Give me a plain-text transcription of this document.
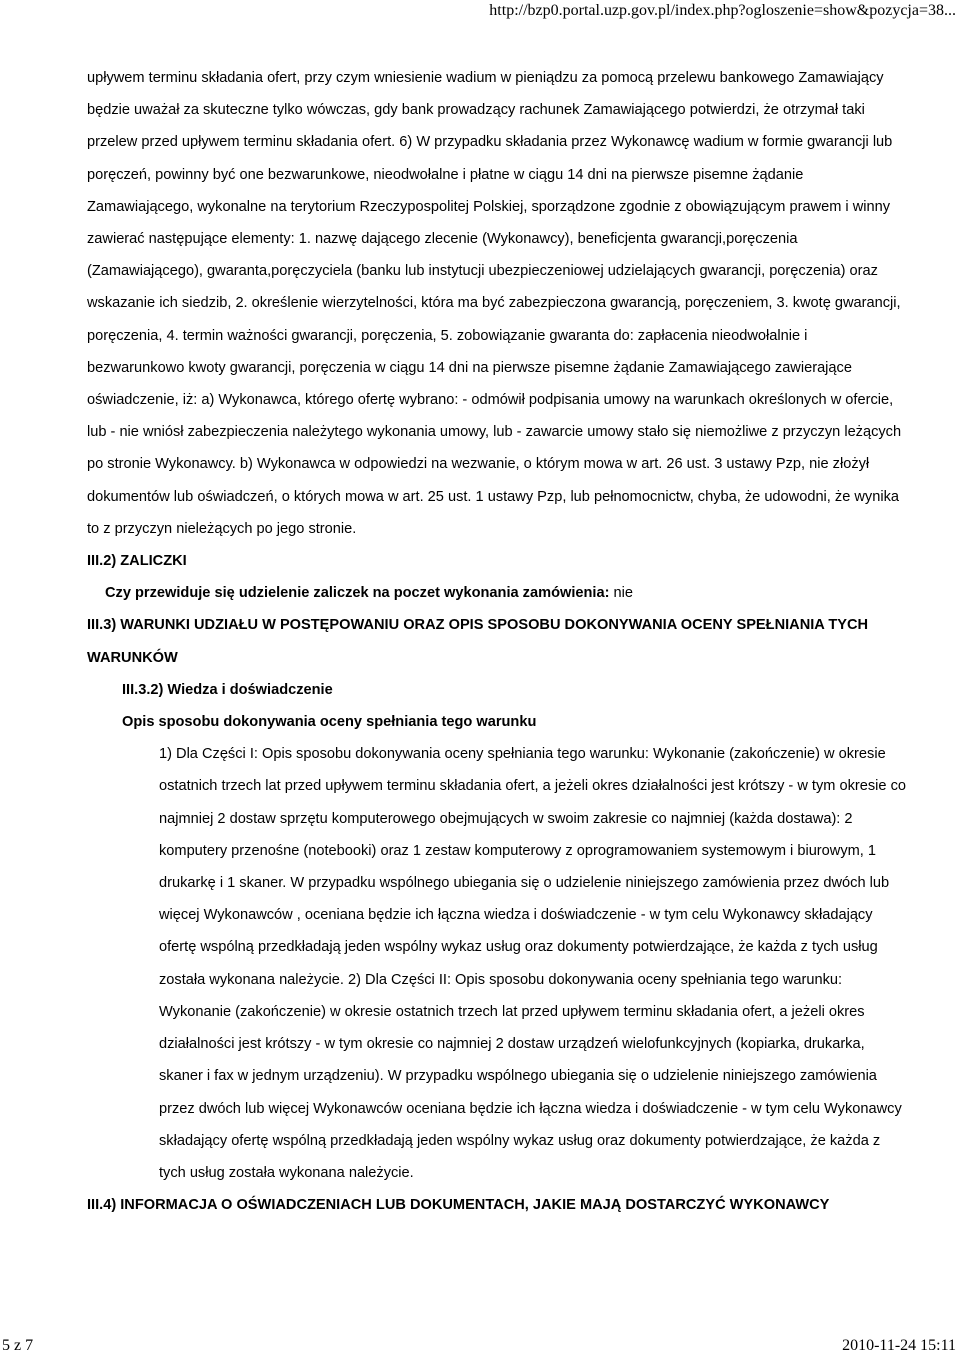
http://bzp0.portal.uzp.gov.pl/index.php?ogloszenie=show&pozycja=38...

upływem terminu składania ofert, przy czym wniesienie wadium w pieniądzu za pomocą przelewu bankowego Zamawiający będzie uważał za skuteczne tylko wówczas, gdy bank prowadzący rachunek Zamawiającego potwierdzi, że otrzymał taki przelew przed upływem terminu składania ofert. 6) W przypadku składania przez Wykonawcę wadium w formie gwarancji lub poręczeń, powinny być one bezwarunkowe, nieodwołalne i płatne w ciągu 14 dni na pierwsze pisemne żądanie Zamawiającego, wykonalne na terytorium Rzeczypospolitej Polskiej, sporządzone zgodnie z obowiązującym prawem i winny zawierać następujące elementy: 1. nazwę dającego zlecenie (Wykonawcy), beneficjenta gwarancji,poręczenia (Zamawiającego), gwaranta,poręczyciela (banku lub instytucji ubezpieczeniowej udzielających gwarancji, poręczenia) oraz wskazanie ich siedzib, 2. określenie wierzytelności, która ma być zabezpieczona gwarancją, poręczeniem, 3. kwotę gwarancji, poręczenia, 4. termin ważności gwarancji, poręczenia, 5. zobowiązanie gwaranta do: zapłacenia nieodwołalnie i bezwarunkowo kwoty gwarancji, poręczenia w ciągu 14 dni na pierwsze pisemne żądanie Zamawiającego zawierające oświadczenie, iż: a) Wykonawca, którego ofertę wybrano: - odmówił podpisania umowy na warunkach określonych w ofercie, lub - nie wniósł zabezpieczenia należytego wykonania umowy, lub - zawarcie umowy stało się niemożliwe z przyczyn leżących po stronie Wykonawcy. b) Wykonawca w odpowiedzi na wezwanie, o którym mowa w art. 26 ust. 3 ustawy Pzp, nie złożył dokumentów lub oświadczeń, o których mowa w art. 25 ust. 1 ustawy Pzp, lub pełnomocnictw, chyba, że udowodni, że wynika to z przyczyn nieleżących po jego stronie.

III.2) ZALICZKI

Czy przewiduje się udzielenie zaliczek na poczet wykonania zamówienia: nie

III.3) WARUNKI UDZIAŁU W POSTĘPOWANIU ORAZ OPIS SPOSOBU DOKONYWANIA OCENY SPEŁNIANIA TYCH WARUNKÓW

III.3.2) Wiedza i doświadczenie

Opis sposobu dokonywania oceny spełniania tego warunku

1) Dla Części I: Opis sposobu dokonywania oceny spełniania tego warunku: Wykonanie (zakończenie) w okresie ostatnich trzech lat przed upływem terminu składania ofert, a jeżeli okres działalności jest krótszy - w tym okresie co najmniej 2 dostaw sprzętu komputerowego obejmujących w swoim zakresie co najmniej (każda dostawa): 2 komputery przenośne (notebooki) oraz 1 zestaw komputerowy z oprogramowaniem systemowym i biurowym, 1 drukarkę i 1 skaner. W przypadku wspólnego ubiegania się o udzielenie niniejszego zamówienia przez dwóch lub więcej Wykonawców , oceniana będzie ich łączna wiedza i doświadczenie - w tym celu Wykonawcy składający ofertę wspólną przedkładają jeden wspólny wykaz usług oraz dokumenty potwierdzające, że każda z tych usług została wykonana należycie. 2) Dla Części II: Opis sposobu dokonywania oceny spełniania tego warunku: Wykonanie (zakończenie) w okresie ostatnich trzech lat przed upływem terminu składania ofert, a jeżeli okres działalności jest krótszy - w tym okresie co najmniej 2 dostaw urządzeń wielofunkcyjnych (kopiarka, drukarka, skaner i fax w jednym urządzeniu). W przypadku wspólnego ubiegania się o udzielenie niniejszego zamówienia przez dwóch lub więcej Wykonawców oceniana będzie ich łączna wiedza i doświadczenie - w tym celu Wykonawcy składający ofertę wspólną przedkładają jeden wspólny wykaz usług oraz dokumenty potwierdzające, że każda z tych usług została wykonana należycie.

III.4) INFORMACJA O OŚWIADCZENIACH LUB DOKUMENTACH, JAKIE MAJĄ DOSTARCZYĆ WYKONAWCY

5 z 7	2010-11-24 15:11
